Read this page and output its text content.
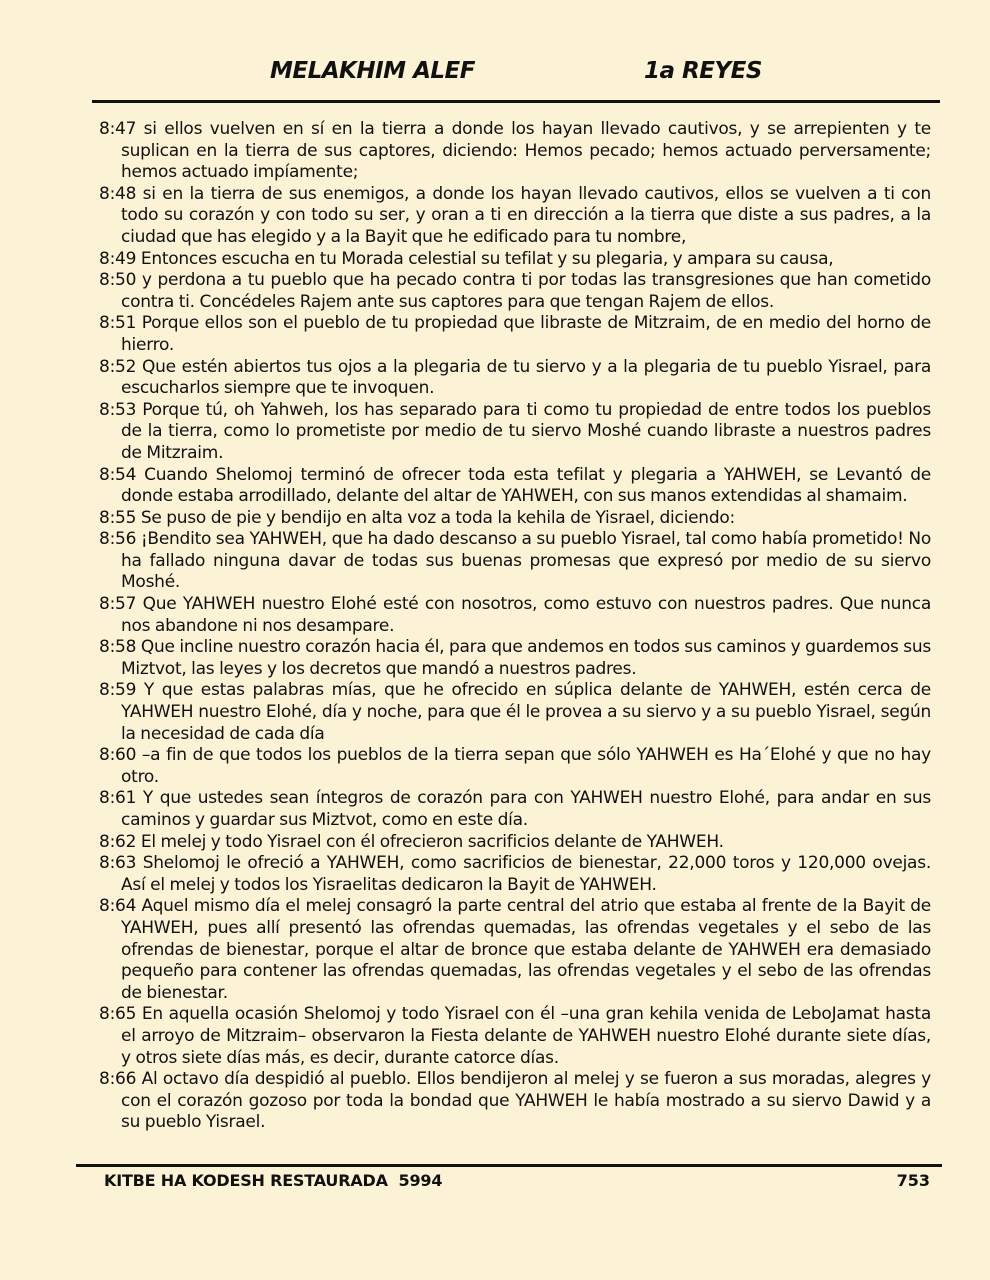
MELAKHIM ALEF	1a REYES

8:47 si ellos vuelven en sí en la tierra a donde los hayan llevado cautivos, y se arrepienten y te suplican en la tierra de sus captores, diciendo: Hemos pecado; hemos actuado perversamente; hemos actuado impíamente;

8:48 si en la tierra de sus enemigos, a donde los hayan llevado cautivos, ellos se vuelven a ti con todo su corazón y con todo su ser, y oran a ti en dirección a la tierra que diste a sus padres, a la ciudad que has elegido y a la Bayit que he edificado para tu nombre,

8:49 Entonces escucha en tu Morada celestial su tefilat y su plegaria, y ampara su causa,

8:50 y perdona a tu pueblo que ha pecado contra ti por todas las transgresiones que han cometido contra ti. Concédeles Rajem ante sus captores para que tengan Rajem de ellos.

8:51 Porque ellos son el pueblo de tu propiedad que libraste de Mitzraim, de en medio del horno de hierro.

8:52 Que estén abiertos tus ojos a la plegaria de tu siervo y a la plegaria de tu pueblo Yisrael, para escucharlos siempre que te invoquen.

8:53 Porque tú, oh Yahweh, los has separado para ti como tu propiedad de entre todos los pueblos de la tierra, como lo prometiste por medio de tu siervo Moshé cuando libraste a nuestros padres de Mitzraim.

8:54 Cuando Shelomoj terminó de ofrecer toda esta tefilat y plegaria a YAHWEH, se Levantó de donde estaba arrodillado, delante del altar de YAHWEH, con sus manos extendidas al shamaim.

8:55 Se puso de pie y bendijo en alta voz a toda la kehila de Yisrael, diciendo:

8:56 ¡Bendito sea YAHWEH, que ha dado descanso a su pueblo Yisrael, tal como había prometido! No ha fallado ninguna davar de todas sus buenas promesas que expresó por medio de su siervo Moshé.

8:57 Que YAHWEH nuestro Elohé esté con nosotros, como estuvo con nuestros padres. Que nunca nos abandone ni nos desampare.

8:58 Que incline nuestro corazón hacia él, para que andemos en todos sus caminos y guardemos sus Miztvot, las leyes y los decretos que mandó a nuestros padres.

8:59 Y que estas palabras mías, que he ofrecido en súplica delante de YAHWEH, estén cerca de YAHWEH nuestro Elohé, día y noche, para que él le provea a su siervo y a su pueblo Yisrael, según la necesidad de cada día

8:60 –a fin de que todos los pueblos de la tierra sepan que sólo YAHWEH es Ha´Elohé y que no hay otro.

8:61 Y que ustedes sean íntegros de corazón para con YAHWEH nuestro Elohé, para andar en sus caminos y guardar sus Miztvot, como en este día.

8:62 El melej y todo Yisrael con él ofrecieron sacrificios delante de YAHWEH.

8:63 Shelomoj le ofreció a YAHWEH, como sacrificios de bienestar, 22,000 toros y 120,000 ovejas. Así el melej y todos los Yisraelitas dedicaron la Bayit de YAHWEH.

8:64 Aquel mismo día el melej consagró la parte central del atrio que estaba al frente de la Bayit de YAHWEH, pues allí presentó las ofrendas quemadas, las ofrendas vegetales y el sebo de las ofrendas de bienestar, porque el altar de bronce que estaba delante de YAHWEH era demasiado pequeño para contener las ofrendas quemadas, las ofrendas vegetales y el sebo de las ofrendas de bienestar.

8:65 En aquella ocasión Shelomoj y todo Yisrael con él –una gran kehila venida de LeboJamat hasta el arroyo de Mitzraim– observaron la Fiesta delante de YAHWEH nuestro Elohé durante siete días, y otros siete días más, es decir, durante catorce días.

8:66 Al octavo día despidió al pueblo. Ellos bendijeron al melej y se fueron a sus moradas, alegres y con el corazón gozoso por toda la bondad que YAHWEH le había mostrado a su siervo Dawid y a su pueblo Yisrael.

KITBE HA KODESH RESTAURADA  5994	753
